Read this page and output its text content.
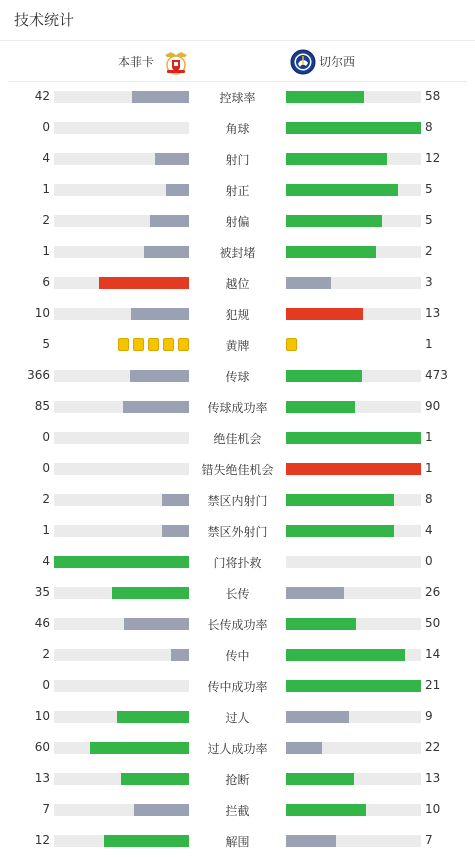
技术统计
本菲卡	切尔西
42	控球率	58
0	角球	8
4	射门	12
1	射正	5
2	射偏	5
1	被封堵	2
6	越位	3
10	犯规	13
5	黄牌	1
366	传球	473
85	传球成功率	90
0	绝佳机会	1
0	错失绝佳机会	1
2	禁区内射门	8
1	禁区外射门	4
4	门将扑救	0
35	长传	26
46	长传成功率	50
2	传中	14
0	传中成功率	21
10	过人	9
60	过人成功率	22
13	抢断	13
7	拦截	10
12	解围	7
